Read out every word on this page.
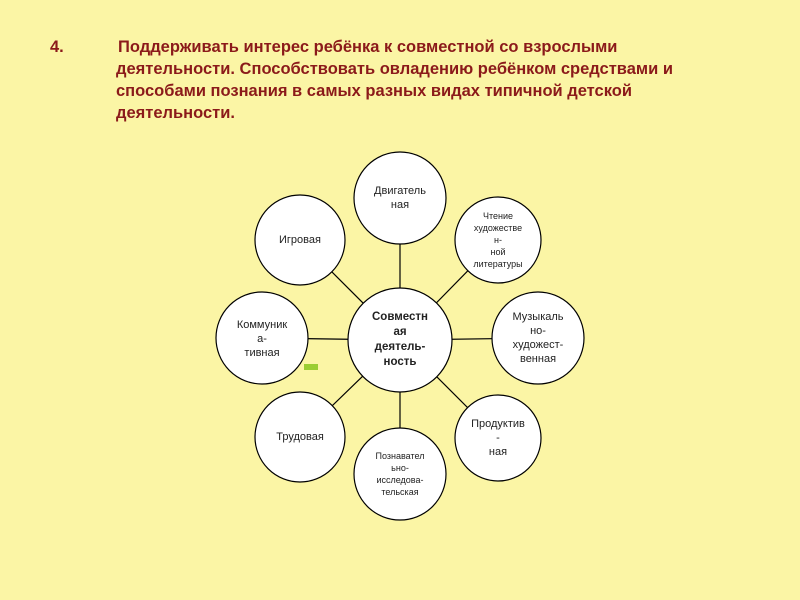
4.	Поддерживать интерес ребёнка к совместной со взрослыми деятельности. Способствовать овладению ребёнком средствами и способами познания в самых разных видах типичной детской деятельности.
Совместн
ая
деятель-
ность
Двигатель
ная
Чтение
художестве
н-
ной
литературы
Музыкаль
но-
художест-
венная
Продуктив
-
ная
Познавател
ьно-
исследова-
тельская
Трудовая
Коммуник
а-
тивная
Игровая
